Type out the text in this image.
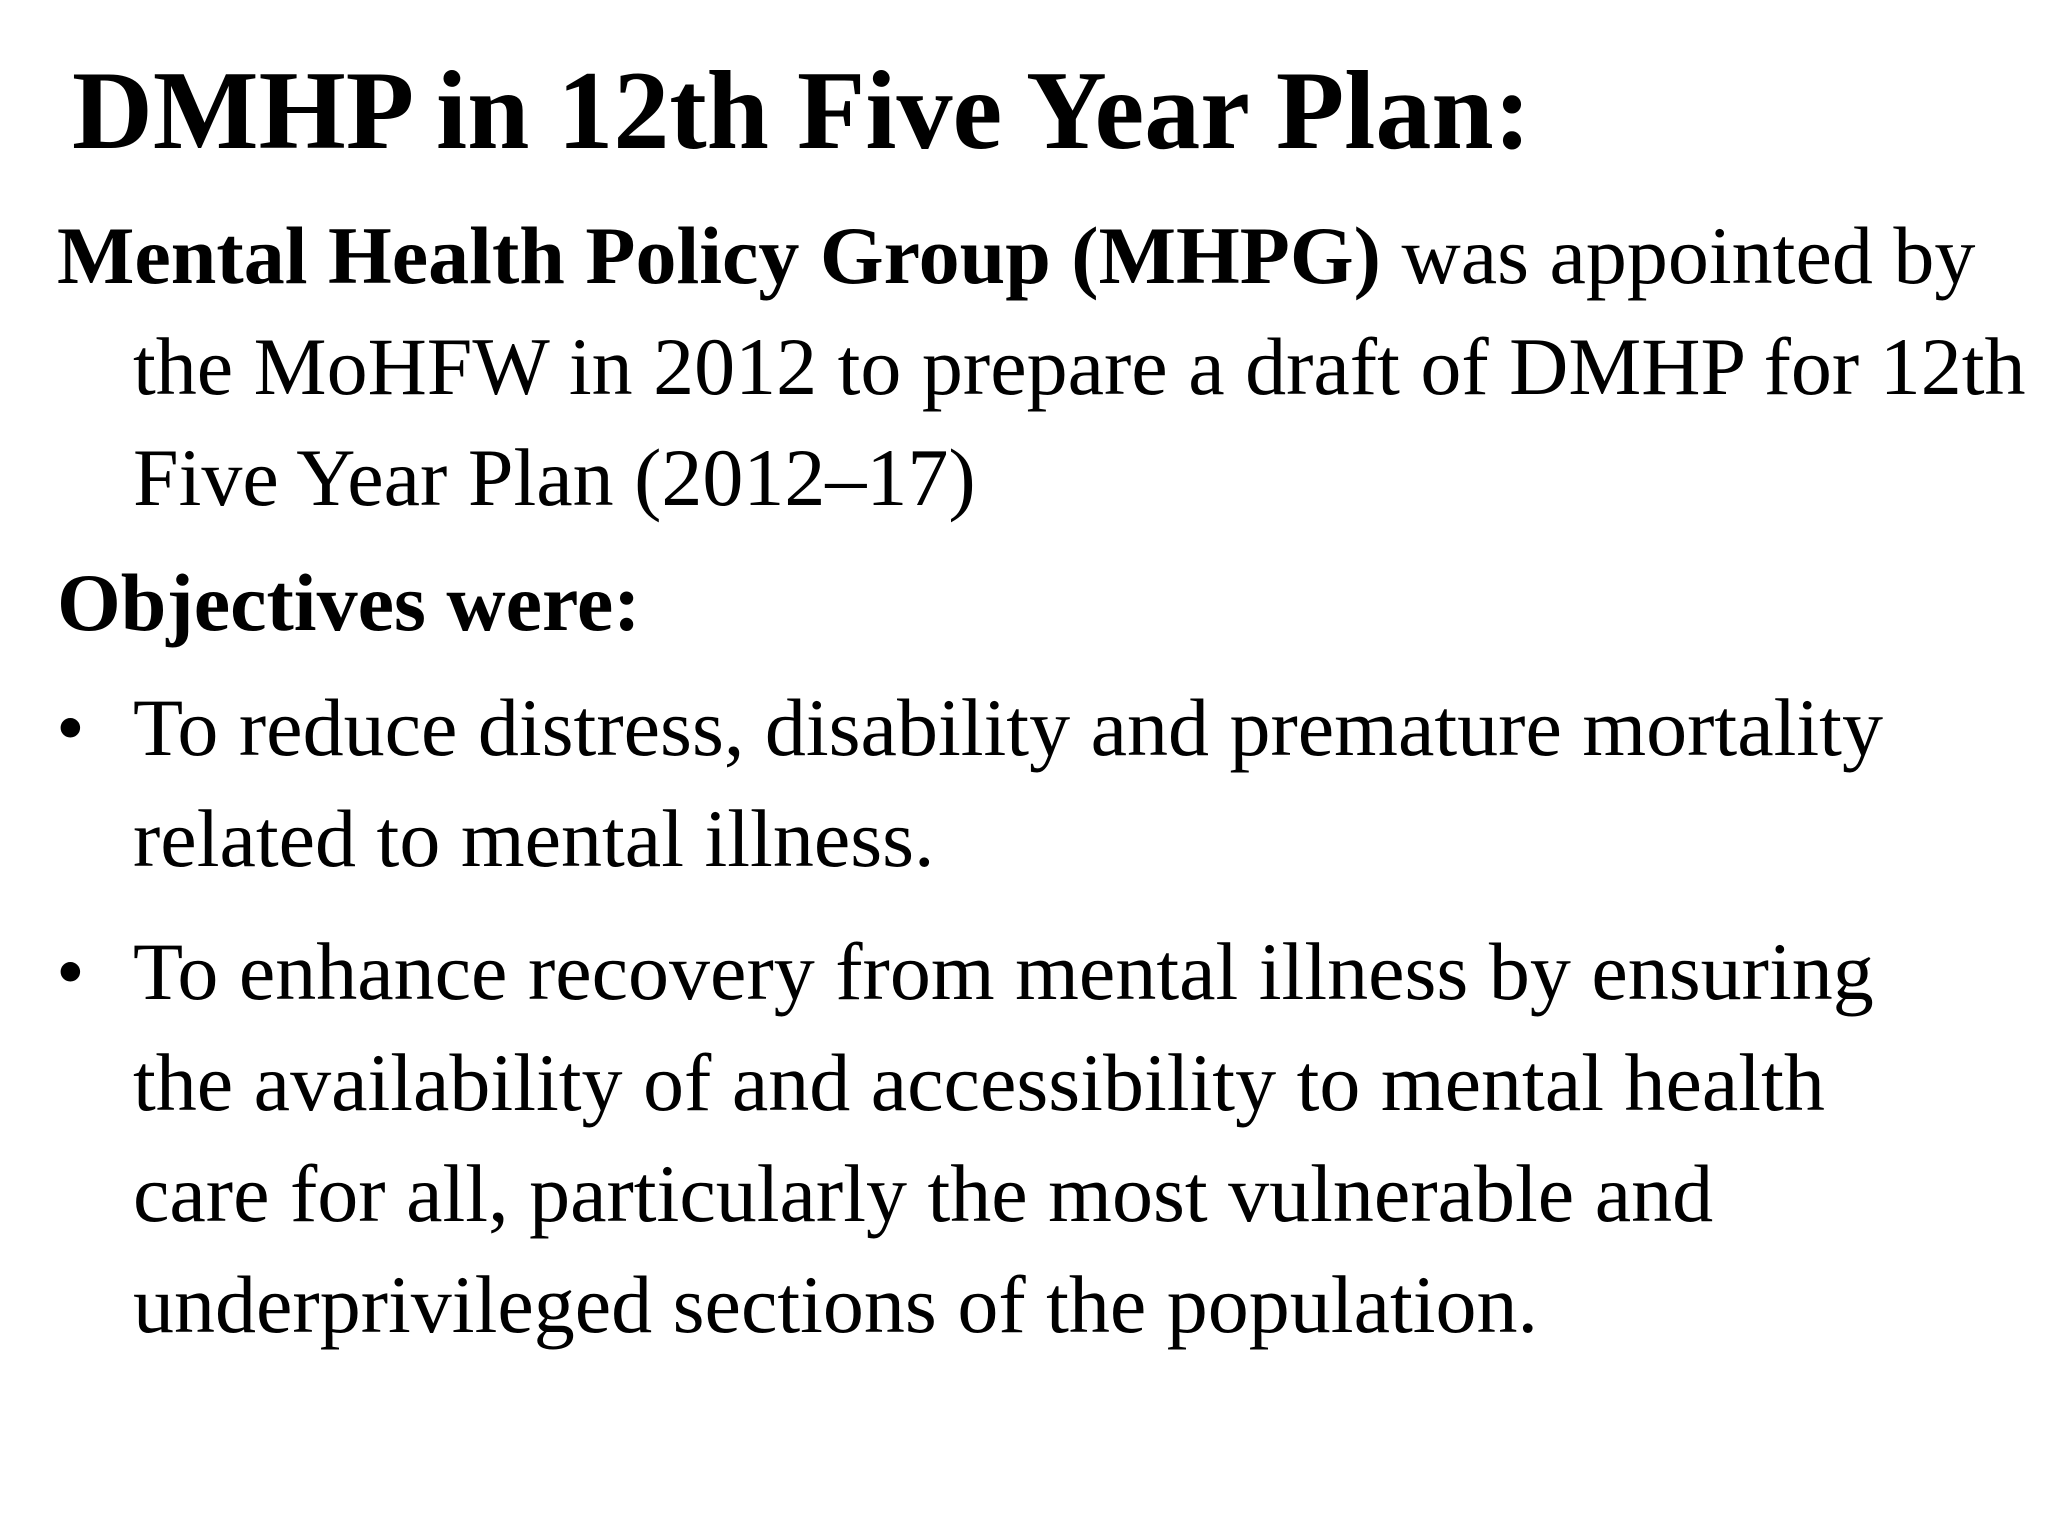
DMHP in 12th Five Year Plan:

Mental Health Policy Group (MHPG) was appointed by the MoHFW in 2012 to prepare a draft of DMHP for 12th Five Year Plan (2012–17)

Objectives were:

• To reduce distress, disability and premature mortality related to mental illness.
• To enhance recovery from mental illness by ensuring the availability of and accessibility to mental health care for all, particularly the most vulnerable and underprivileged sections of the population.
